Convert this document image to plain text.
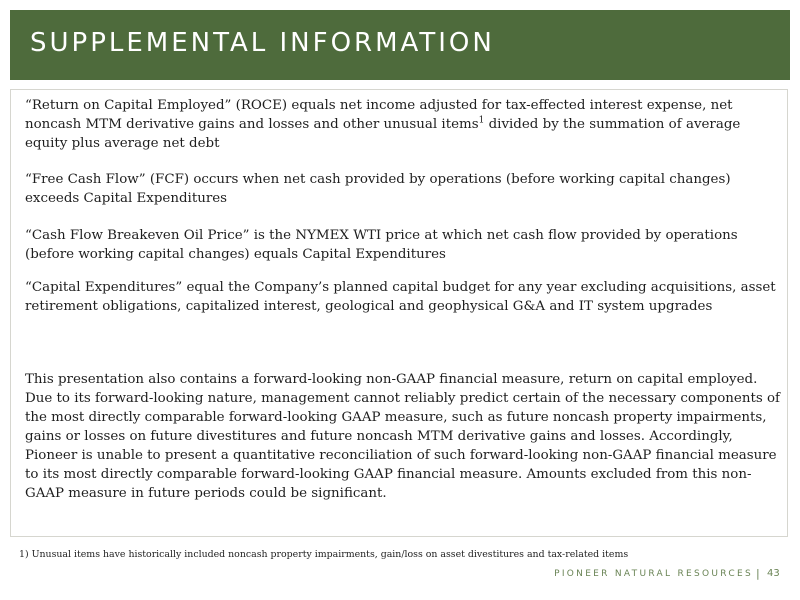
SUPPLEMENTAL INFORMATION

“Return on Capital Employed” (ROCE) equals net income adjusted for tax-effected interest expense, net noncash MTM derivative gains and losses and other unusual items$^1$ divided by the summation of average equity plus average net debt

“Free Cash Flow” (FCF) occurs when net cash provided by operations (before working capital changes) exceeds Capital Expenditures

“Cash Flow Breakeven Oil Price” is the NYMEX WTI price at which net cash flow provided by operations (before working capital changes) equals Capital Expenditures

“Capital Expenditures” equal the Company’s planned capital budget for any year excluding acquisitions, asset retirement obligations, capitalized interest, geological and geophysical G&A and IT system upgrades

This presentation also contains a forward-looking non-GAAP financial measure, return on capital employed. Due to its forward-looking nature, management cannot reliably predict certain of the necessary components of the most directly comparable forward-looking GAAP measure, such as future noncash property impairments, gains or losses on future divestitures and future noncash MTM derivative gains and losses. Accordingly, Pioneer is unable to present a quantitative reconciliation of such forward-looking non-GAAP financial measure to its most directly comparable forward-looking GAAP financial measure. Amounts excluded from this non-GAAP measure in future periods could be significant.

1) Unusual items have historically included noncash property impairments, gain/loss on asset divestitures and tax-related items
PIONEER NATURAL RESOURCES | 43
